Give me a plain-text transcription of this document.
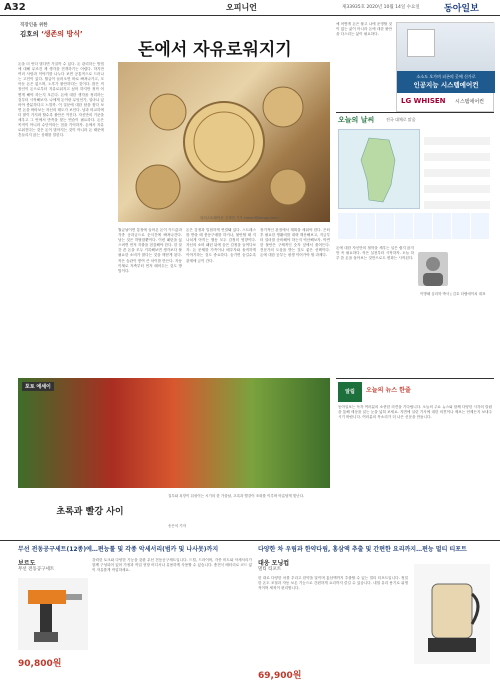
A32	오피니언	제33935호 2020년 10월 14일 수요일	동아일보
직장인을 위한
김호의 ‘생존의 방식’
돈에서 자유로워지기
돈을 더 안다 많다면 가질까 수 있다. 돈 관리하는 방법에 대해 무조건 제 생각을 전개하기는 어렵다. 하지만 여러 사람과 이야기를 나누다 보면 공통적으로 드러나는 고민이 있다. 월급이 들어오면 바로 빠져나가고, 모아둔 돈은 없으며, 노후가 불안하다는 것이다. 많은 직장인이 돈으로부터 자유로워지고 싶어 하지만 정작 어떻게 해야 하는지 모른다. 돈에 대한 생각을 정리하는 것부터 시작해보자. 나에게 돈이란 무엇인가, 얼마나 있어야 충분하다고 느낄까. 이 질문에 대한 답을 찾다 보면 돈을 바라보는 자신의 태도가 보인다. 남과 비교하며 더 많이 가지려 할수록 불안은 커진다. 자신만의 기준을 세우고 그 안에서 만족을 찾는 연습이 필요하다. 돈은 목적이 아니라 수단이라는 점을 기억하자. 돈에서 자유로워진다는 것은 돈이 많아지는 것이 아니라 돈 때문에 흔들리지 않는 상태를 말한다.
일러스트레이션 김재민 기자 kimjm@donga.com
월급날이면 통장에 들어온 돈이 카드값과 각종 공과금으로 순식간에 빠져나간다. 남는 것은 허탈함뿐이다. 이런 패턴을 끊으려면 먼저 지출을 점검해야 한다. 한 달간 쓴 돈을 모두 기록해보면 생각보다 불필요한 소비가 많다는 것을 깨닫게 된다. 작은 습관이 쌓여 큰 차이를 만든다. 자동이체로 저축부터 먼저 떼어두는 것도 방법이다.
돈은 감정과 밀접하게 연결돼 있다. 스트레스를 받을 때 충동구매를 하거나, 불안할 때 지나치게 아끼는 행동 모두 감정의 영향이다. 자신의 소비 패턴 뒤에 숨은 감정을 들여다보자. 돈 문제를 가족이나 배우자와 솔직하게 이야기하는 것도 중요하다. 숨기면 숨길수록 관계에 금이 간다.
장기적인 관점에서 계획을 세워야 한다. 은퇴 후 필요한 생활비를 대략 계산해보고, 지금부터 얼마를 준비해야 하는지 역산해보자. 막연한 불안은 구체적인 숫자 앞에서 줄어든다. 전문가의 도움을 받는 것도 좋은 선택이다. 돈에 대한 공부는 평생 이어가야 할 과제다.
예 어떻게 돈은 불고 나에 운명할 것이 없는 삶이 아니라 돈에 대한 불안을 다스리는 삶이 필요하다.
소소도 오가며 피곤의 곳에 신가로
인공지능 시스템에어컨
LG WHISEN 시스템에어컨
오늘의 날씨	전국 대체로 맑음
돈에 대한 자신만의 철학을 세우는 일은 쉽지 않지만 꼭 필요하다. 작은 실천부터 시작하자. 오늘 하루 쓴 돈을 돌아보는 것만으로도 변화는 시작된다.
이병혜 심리학 박사 | 김호 더랩에이치 대표
포토 에세이
초록과 빨강 사이
질투와 욕망이 뒤섞이는 시기의 한 가을날, 초록과 빨강이 조화를 이루며 아름답게 빛난다.
송은석 기자
알림	오늘의 뉴스 한줄
동아일보는 독자 여러분의 소중한 의견을 기다립니다. 오늘의 주요 뉴스와 함께 다양한 시각의 칼럼을 통해 세상을 읽는 눈을 넓혀 보세요. 지면에 실린 기사에 대한 의견이나 제보는 언제든지 보내주시기 바랍니다. 여러분의 목소리가 더 나은 신문을 만듭니다.
무선 전동공구세트(12종)에…편능툴 및 각종 악세서리(범카 및 나사못)까지
보르도
무선 전동공구세트
강력한 토크와 다양한 기능을 갖춘 무선 전동공구세트입니다. 드릴, 드라이버, 각종 비트와 악세서리가 함께 구성되어 있어 가정과 작업 현장 어디서나 유용하게 사용할 수 있습니다. 충전식 배터리로 코드 없이 자유롭게 작업하세요.
90,800원
다양한 차 우림과 한약다림, 홍삼액 추출 및 간편한 요리까지…편능 멀티 티포트
대웅 모닝컵
멀티 티포트
한 대로 다양한 차를 우리고 한약을 달이며 홍삼액까지 추출할 수 있는 멀티 티포트입니다. 정밀한 온도 조절과 자동 보온 기능으로 간편하게 요리까지 즐길 수 있습니다. 내열 유리 용기로 위생적이며 세척이 편리합니다.
69,900원
